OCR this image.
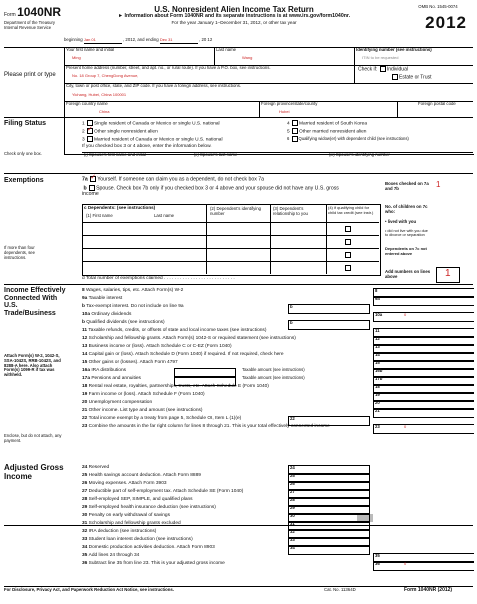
Form 1040NR
Department of the Treasury Internal Revenue Service
U.S. Nonresident Alien Income Tax Return
► Information about Form 1040NR and its separate instructions is at www.irs.gov/form1040nr.
For the year January 1–December 31, 2012, or other tax year
beginning Jan 01	, 2012, and ending Dec 31	, 20 12
OMB No. 1545-0074
2012
Please print or type
Your first name and initial
Ming
Last name
Wang
Identifying number (see instructions)
ITIN to be requested
Present home address (number, street, and apt. no., or rural route). If you have a P.O. box, see instructions.
No. 18 Group 7, ChengDong Avenue,
Check if: Individual
Estate or Trust
City, town or post office, state, and ZIP code. If you have a foreign address, see instructions.
Yichang, Hubei, China 100001
Foreign country name
China
Foreign province/state/county
Hubei
Foreign postal code
Filing Status
Check only one box.
1 Single resident of Canada or Mexico or single U.S. national
2 ✓ Other single nonresident alien
3 Married resident of Canada or Mexico or single U.S. national
4 Married resident of South Korea
5 Other married nonresident alien
6 Qualifying widow(er) with dependent child (see instructions)
If you checked box 3 or 4 above, enter the information below.
(i) Spouse's first name and initial	(ii) Spouse's last name	(iii) Spouse's identifying number
Exemptions
If more than four dependents, see instructions.
7a ✓ Yourself. If someone can claim you as a dependent, do not check box 7a
b Spouse. Check box 7b only if you checked box 3 or 4 above and your spouse did not have any U.S. gross income
Boxes checked on 7a and 7b	1
c Dependents: (see instructions)
(1) First name	Last name
(2) Dependent's identifying number
(3) Dependent's relationship to you
(4) if qualifying child for child tax credit (see instr.)
No. of children on 7c who:
• lived with you
• did not live with you due to divorce or separation
Dependents on 7c not entered above
d Total number of exemptions claimed . . . . . . . . . . . . . . . . . . . . . . . . . . .
Add numbers on lines above	1
Income Effectively Connected With U.S. Trade/Business
Attach Form(s) W-2, 1042-S, SSA-1042S, RRB-1042S, and 8288-A here. Also attach Form(s) 1099-R if tax was withheld.
Enclose, but do not attach, any payment.
8 Wages, salaries, tips, etc. Attach Form(s) W-2
9a Taxable interest
b Tax-exempt interest. Do not include on line 9a
10a Ordinary dividends
b Qualified dividends (see instructions)
11 Taxable refunds, credits, or offsets of state and local income taxes (see instructions)
12 Scholarship and fellowship grants. Attach Form(s) 1042-S or required statement (see instructions)
13 Business income or (loss). Attach Schedule C or C-EZ (Form 1040)
14 Capital gain or (loss). Attach Schedule D (Form 1040) if required. If not required, check here
15 Other gains or (losses). Attach Form 4797
16a IRA distributions
17a Pensions and annuities
18 Rental real estate, royalties, partnerships, trusts, etc. Attach Schedule E (Form 1040)
19 Farm income or (loss). Attach Schedule F (Form 1040)
20 Unemployment compensation
21 Other income. List type and amount (see instructions)
22 Total income exempt by a treaty from page 5, Schedule OI, Item L (1)(e)
23 Combine the amounts in the far right column for lines 8 through 21. This is your total effectively connected income
Adjusted Gross Income
24 Reserved
25 Health savings account deduction. Attach Form 8889
26 Moving expenses. Attach Form 3903
27 Deductible part of self-employment tax. Attach Schedule SE (Form 1040)
28 Self-employed SEP, SIMPLE, and qualified plans
29 Self-employed health insurance deduction (see instructions)
30 Penalty on early withdrawal of savings
31 Scholarship and fellowship grants excluded
32 IRA deduction (see instructions)
33 Student loan interest deduction (see instructions)
34 Domestic production activities deduction. Attach Form 8903
35 Add lines 24 through 34
36 Subtract line 35 from line 23. This is your adjusted gross income
For Disclosure, Privacy Act, and Paperwork Reduction Act Notice, see instructions.	Cat. No. 11364D	Form 1040NR (2012)
8
9a
b
10a
b
11
12
13
14
15
Taxable amount (see instructions)	16b
Taxable amount (see instructions)	17b
18
19
20
21
22
23
0
0
24
25
26
27
28
29
30
31
32
33
34
35
36	0
